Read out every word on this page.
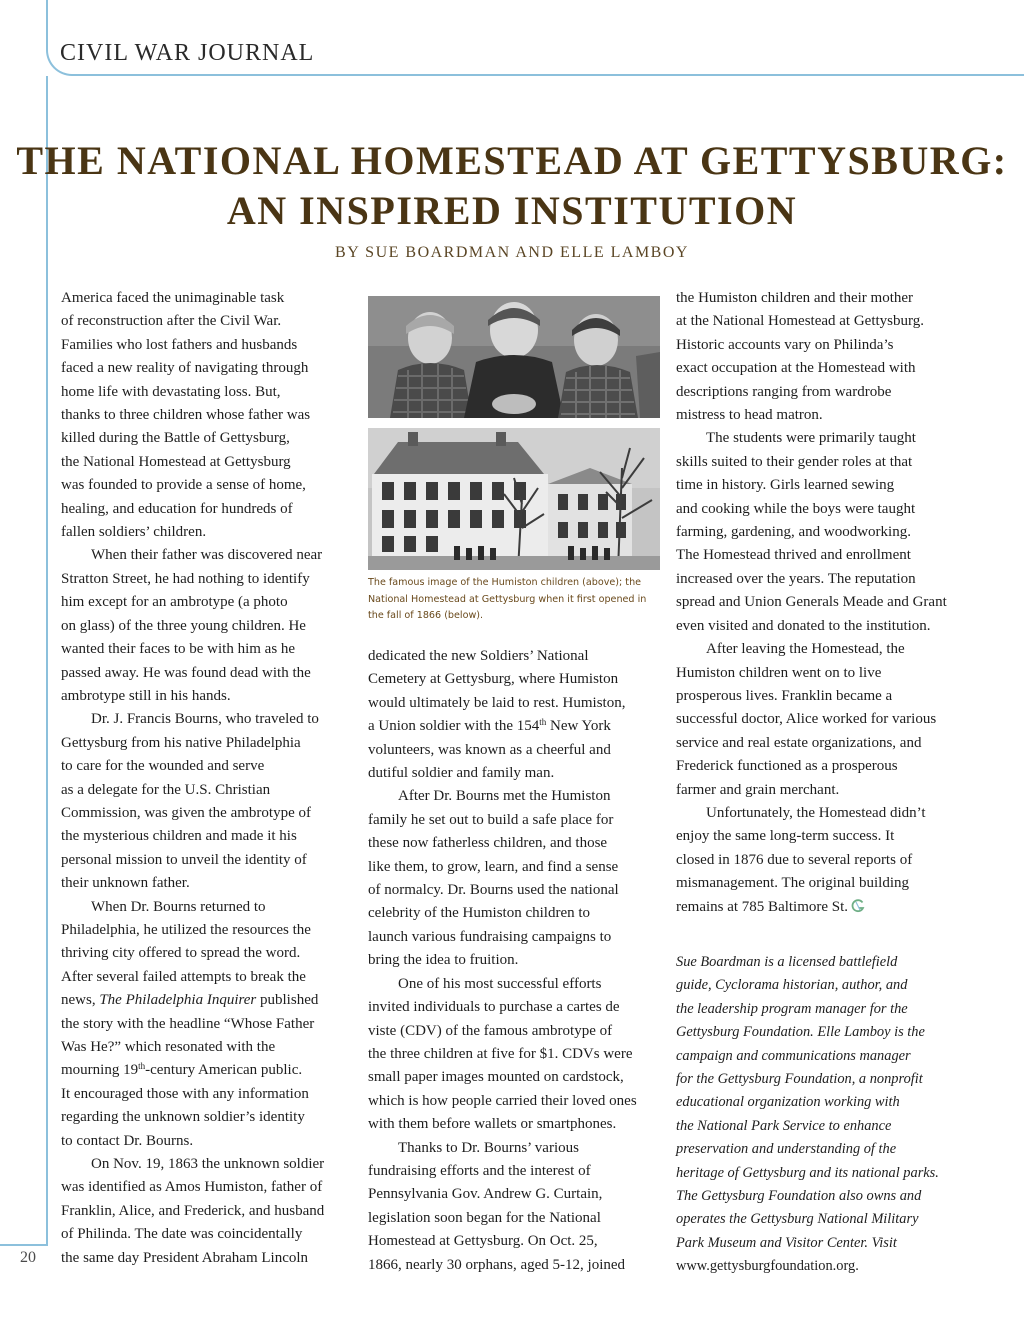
CIVIL WAR JOURNAL
THE NATIONAL HOMESTEAD AT GETTYSBURG:
AN INSPIRED INSTITUTION
BY SUE BOARDMAN AND ELLE LAMBOY

America faced the unimaginable task
of reconstruction after the Civil War.
Families who lost fathers and husbands
faced a new reality of navigating through
home life with devastating loss. But,
thanks to three children whose father was
killed during the Battle of Gettysburg,
the National Homestead at Gettysburg
was founded to provide a sense of home,
healing, and education for hundreds of
fallen soldiers’ children.

When their father was discovered near
Stratton Street, he had nothing to identify
him except for an ambrotype (a photo
on glass) of the three young children. He
wanted their faces to be with him as he
passed away. He was found dead with the
ambrotype still in his hands.

Dr. J. Francis Bourns, who traveled to
Gettysburg from his native Philadelphia
to care for the wounded and serve
as a delegate for the U.S. Christian
Commission, was given the ambrotype of
the mysterious children and made it his
personal mission to unveil the identity of
their unknown father.

When Dr. Bourns returned to
Philadelphia, he utilized the resources the
thriving city offered to spread the word.
After several failed attempts to break the
news, The Philadelphia Inquirer published
the story with the headline “Whose Father
Was He?” which resonated with the
mourning 19th-century American public.
It encouraged those with any information
regarding the unknown soldier’s identity
to contact Dr. Bourns.

On Nov. 19, 1863 the unknown soldier
was identified as Amos Humiston, father of
Franklin, Alice, and Frederick, and husband
of Philinda. The date was coincidentally
the same day President Abraham Lincoln

The famous image of the Humiston children (above); the
National Homestead at Gettysburg when it first opened in
the fall of 1866 (below).

dedicated the new Soldiers’ National
Cemetery at Gettysburg, where Humiston
would ultimately be laid to rest. Humiston,
a Union soldier with the 154th New York
volunteers, was known as a cheerful and
dutiful soldier and family man.

After Dr. Bourns met the Humiston
family he set out to build a safe place for
these now fatherless children, and those
like them, to grow, learn, and find a sense
of normalcy. Dr. Bourns used the national
celebrity of the Humiston children to
launch various fundraising campaigns to
bring the idea to fruition.

One of his most successful efforts
invited individuals to purchase a cartes de
viste (CDV) of the famous ambrotype of
the three children at five for $1. CDVs were
small paper images mounted on cardstock,
which is how people carried their loved ones
with them before wallets or smartphones.

Thanks to Dr. Bourns’ various
fundraising efforts and the interest of
Pennsylvania Gov. Andrew G. Curtain,
legislation soon began for the National
Homestead at Gettysburg. On Oct. 25,
1866, nearly 30 orphans, aged 5-12, joined

the Humiston children and their mother
at the National Homestead at Gettysburg.
Historic accounts vary on Philinda’s
exact occupation at the Homestead with
descriptions ranging from wardrobe
mistress to head matron.

The students were primarily taught
skills suited to their gender roles at that
time in history. Girls learned sewing
and cooking while the boys were taught
farming, gardening, and woodworking.
The Homestead thrived and enrollment
increased over the years. The reputation
spread and Union Generals Meade and Grant
even visited and donated to the institution.

After leaving the Homestead, the
Humiston children went on to live
prosperous lives. Franklin became a
successful doctor, Alice worked for various
service and real estate organizations, and
Frederick functioned as a prosperous
farmer and grain merchant.

Unfortunately, the Homestead didn’t
enjoy the same long-term success. It
closed in 1876 due to several reports of
mismanagement. The original building
remains at 785 Baltimore St.

Sue Boardman is a licensed battlefield
guide, Cyclorama historian, author, and
the leadership program manager for the
Gettysburg Foundation. Elle Lamboy is the
campaign and communications manager
for the Gettysburg Foundation, a nonprofit
educational organization working with
the National Park Service to enhance
preservation and understanding of the
heritage of Gettysburg and its national parks.
The Gettysburg Foundation also owns and
operates the Gettysburg National Military
Park Museum and Visitor Center. Visit
www.gettysburgfoundation.org.
20
